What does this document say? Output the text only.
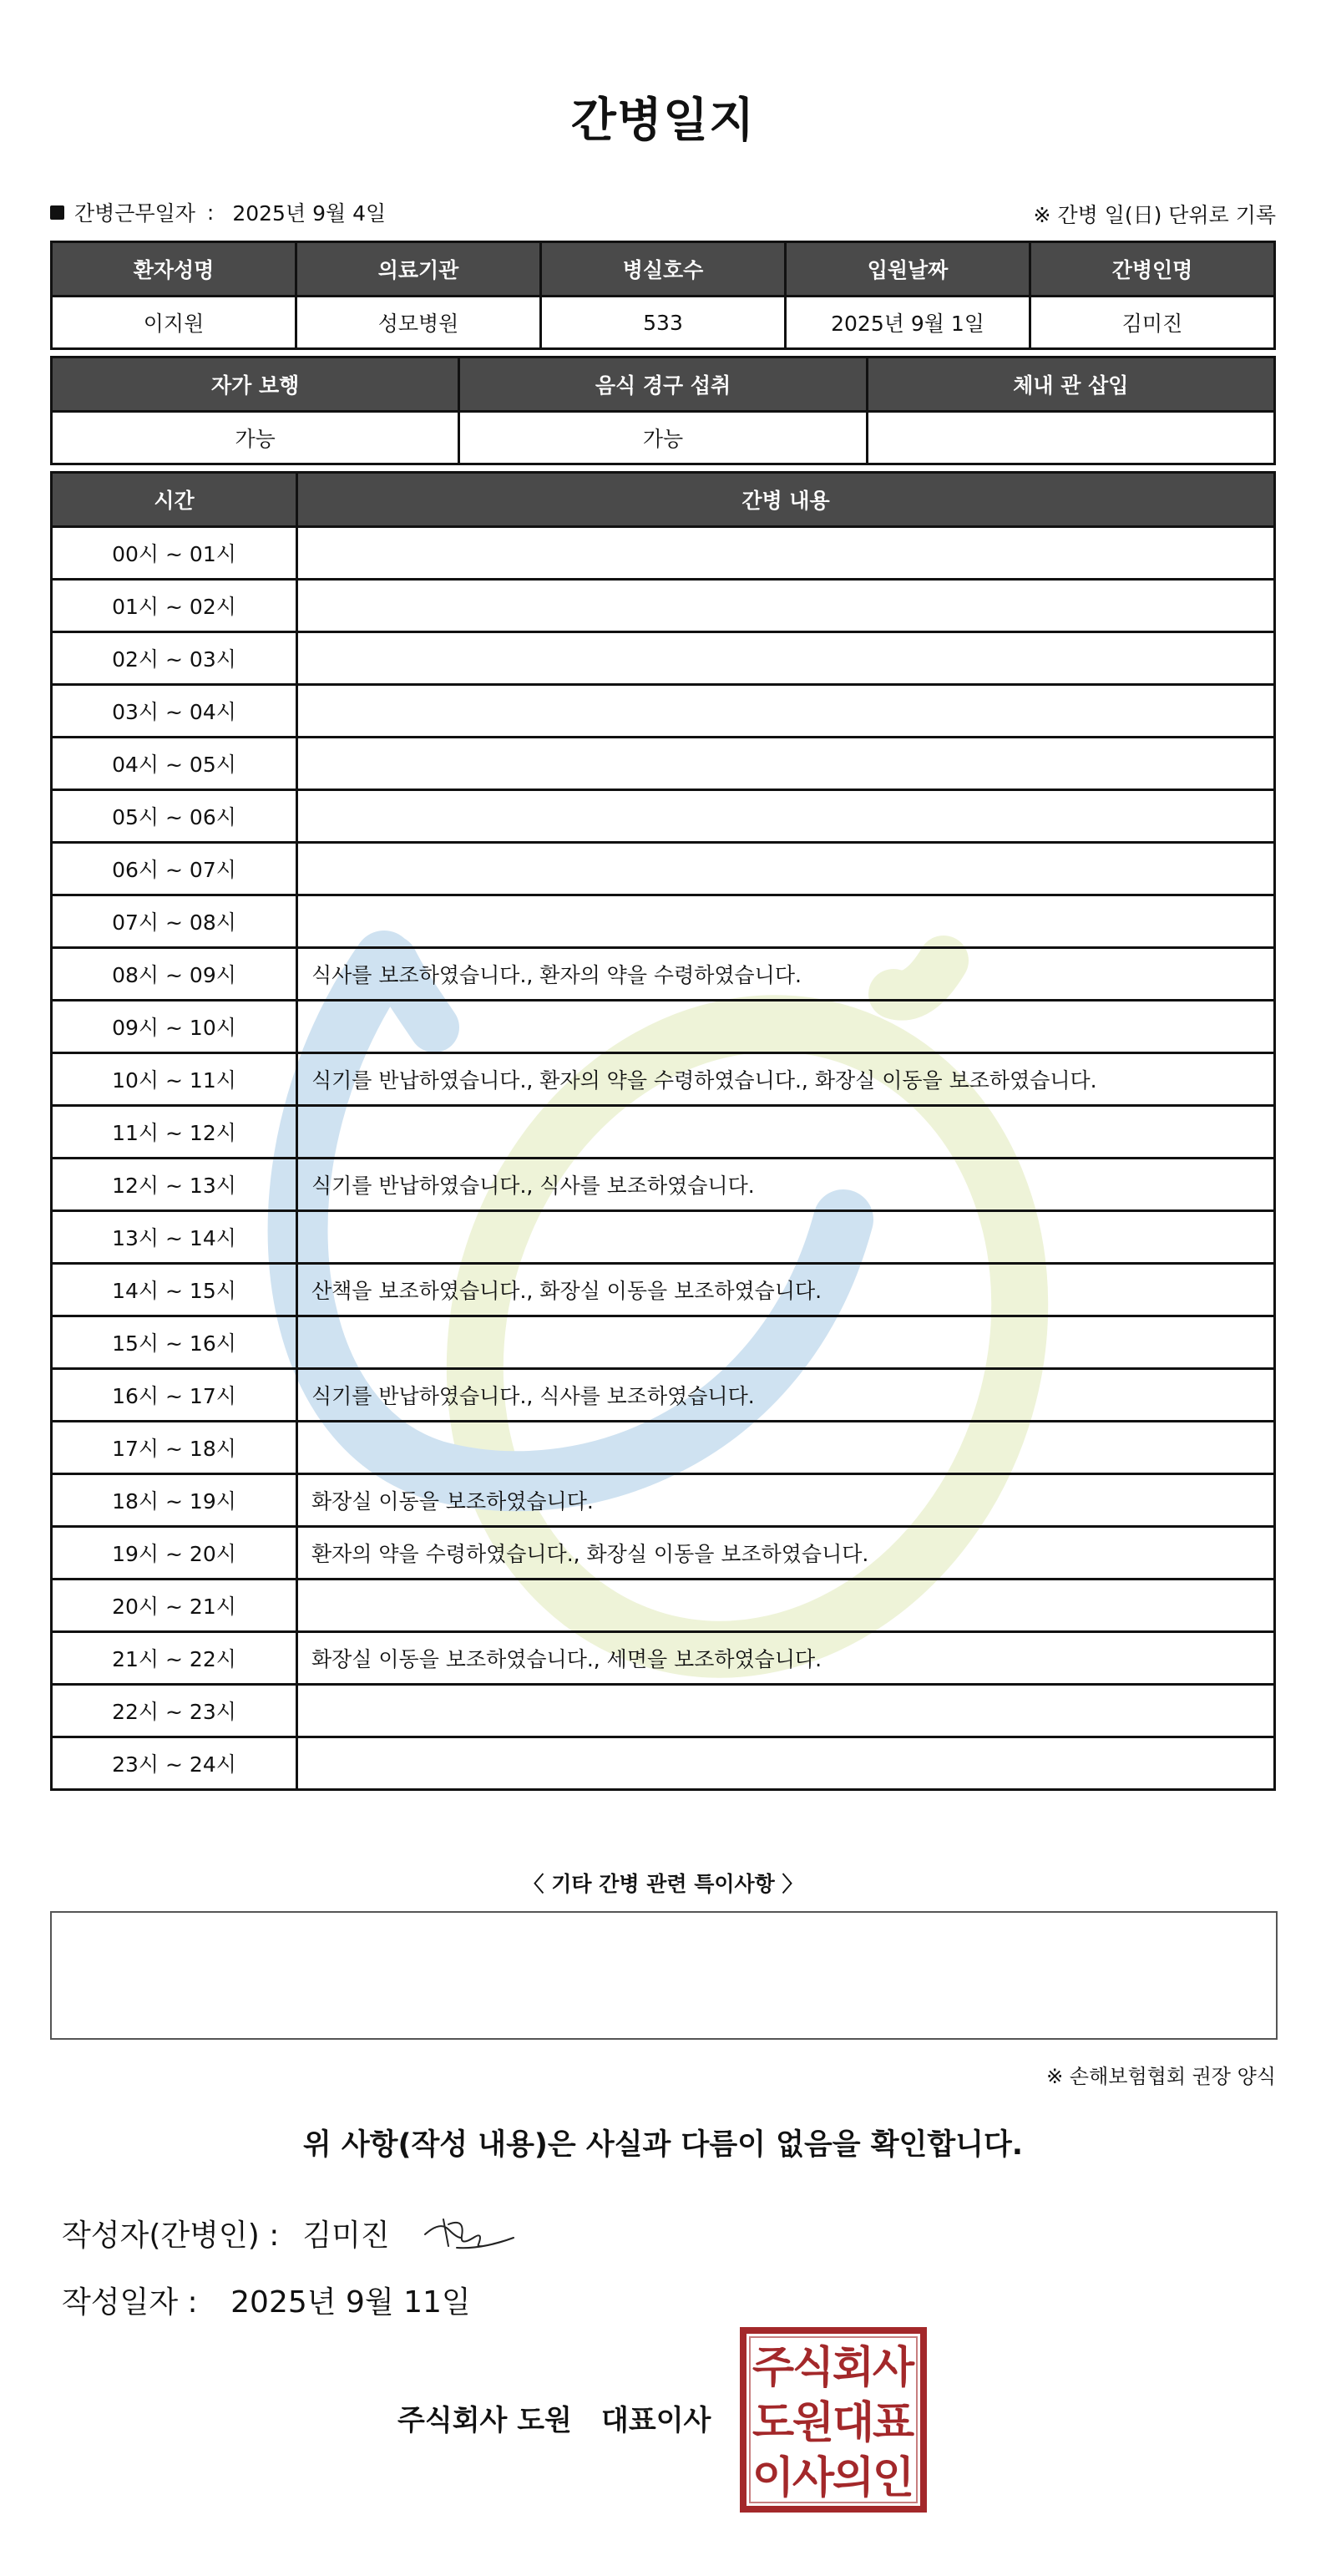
간병일지
간병근무일자 : 2025년 9월 4일	※ 간병 일(日) 단위로 기록
환자성명	의료기관	병실호수	입원날짜	간병인명
이지원	성모병원	533	2025년 9월 1일	김미진
자가 보행	음식 경구 섭취	체내 관 삽입
가능	가능	
시간	간병 내용
00시 ~ 01시	
01시 ~ 02시	
02시 ~ 03시	
03시 ~ 04시	
04시 ~ 05시	
05시 ~ 06시	
06시 ~ 07시	
07시 ~ 08시	
08시 ~ 09시	식사를 보조하였습니다., 환자의 약을 수령하였습니다.
09시 ~ 10시	
10시 ~ 11시	식기를 반납하였습니다., 환자의 약을 수령하였습니다., 화장실 이동을 보조하였습니다.
11시 ~ 12시	
12시 ~ 13시	식기를 반납하였습니다., 식사를 보조하였습니다.
13시 ~ 14시	
14시 ~ 15시	산책을 보조하였습니다., 화장실 이동을 보조하였습니다.
15시 ~ 16시	
16시 ~ 17시	식기를 반납하였습니다., 식사를 보조하였습니다.
17시 ~ 18시	
18시 ~ 19시	화장실 이동을 보조하였습니다.
19시 ~ 20시	환자의 약을 수령하였습니다., 화장실 이동을 보조하였습니다.
20시 ~ 21시	
21시 ~ 22시	화장실 이동을 보조하였습니다., 세면을 보조하였습니다.
22시 ~ 23시	
23시 ~ 24시	
〈 기타 간병 관련 특이사항 〉
※ 손해보험협회 권장 양식
위 사항(작성 내용)은 사실과 다름이 없음을 확인합니다.
작성자(간병인) : 김미진
작성일자 : 2025년 9월 11일
주식회사 도원 대표이사
주
식
회
사
도
원
대
표
이
사
의
인
